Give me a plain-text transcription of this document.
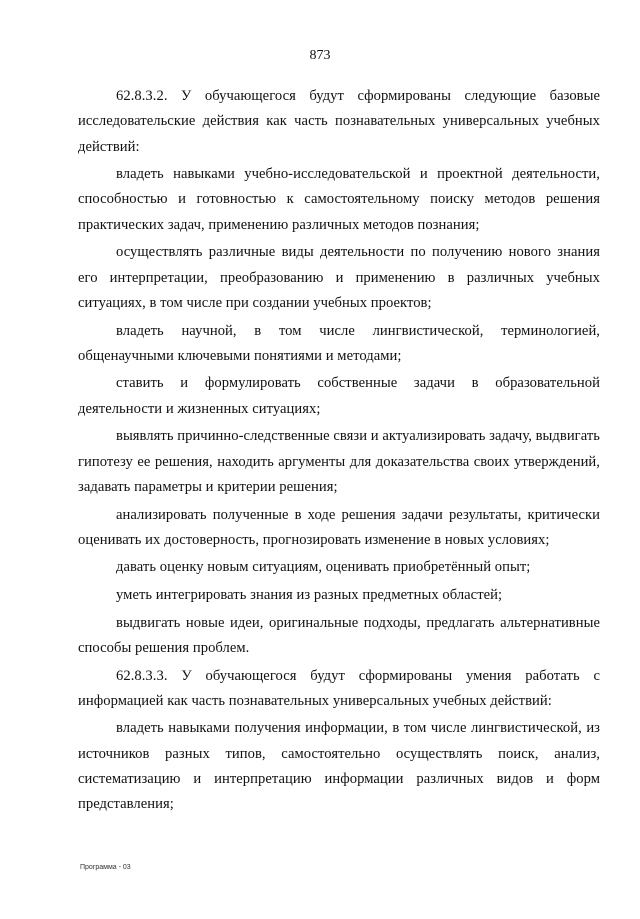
873

62.8.3.2. У обучающегося будут сформированы следующие базовые исследовательские действия как часть познавательных универсальных учебных действий:

владеть навыками учебно-исследовательской и проектной деятельности, способностью и готовностью к самостоятельному поиску методов решения практических задач, применению различных методов познания;

осуществлять различные виды деятельности по получению нового знания его интерпретации, преобразованию и применению в различных учебных ситуациях, в том числе при создании учебных проектов;

владеть научной, в том числе лингвистической, терминологией, общенаучными ключевыми понятиями и методами;

ставить и формулировать собственные задачи в образовательной деятельности и жизненных ситуациях;

выявлять причинно-следственные связи и актуализировать задачу, выдвигать гипотезу ее решения, находить аргументы для доказательства своих утверждений, задавать параметры и критерии решения;

анализировать полученные в ходе решения задачи результаты, критически оценивать их достоверность, прогнозировать изменение в новых условиях;

давать оценку новым ситуациям, оценивать приобретённый опыт;

уметь интегрировать знания из разных предметных областей;

выдвигать новые идеи, оригинальные подходы, предлагать альтернативные способы решения проблем.

62.8.3.3. У обучающегося будут сформированы умения работать с информацией как часть познавательных универсальных учебных действий:

владеть навыками получения информации, в том числе лингвистической, из источников разных типов, самостоятельно осуществлять поиск, анализ, систематизацию и интерпретацию информации различных видов и форм представления;

Программа - 03
